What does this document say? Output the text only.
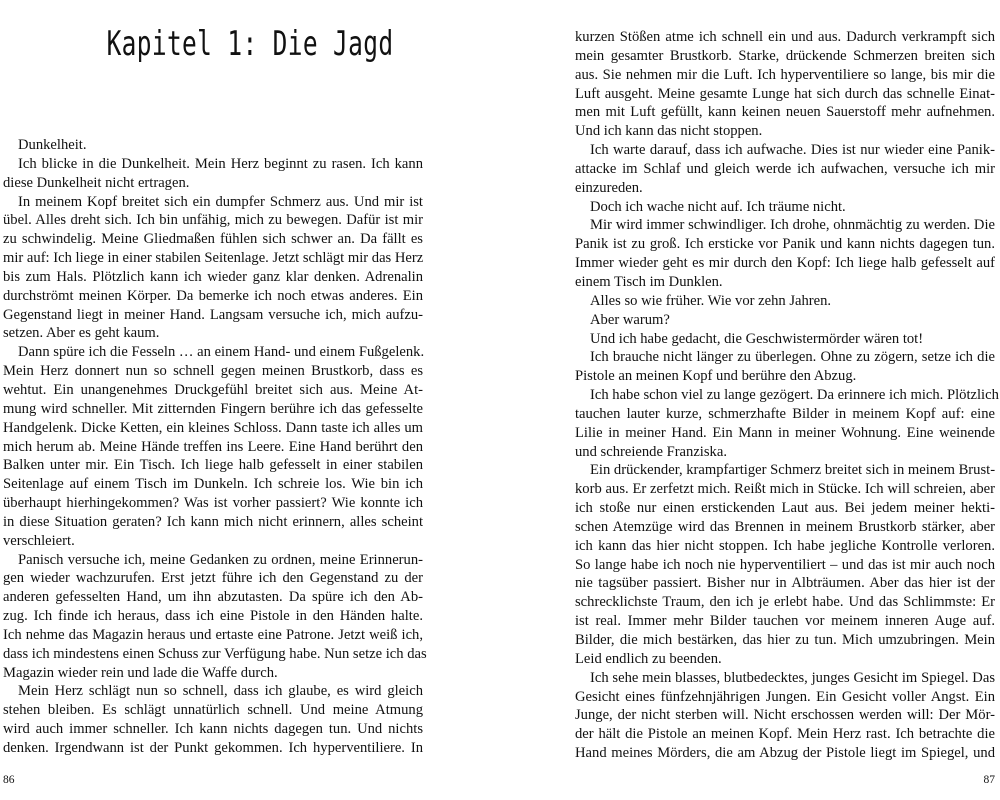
Kapitel 1: Die Jagd

Dunkelheit.

Ich blicke in die Dunkelheit. Mein Herz beginnt zu rasen. Ich kann

diese Dunkelheit nicht ertragen.

In meinem Kopf breitet sich ein dumpfer Schmerz aus. Und mir ist

übel. Alles dreht sich. Ich bin unfähig, mich zu bewegen. Dafür ist mir

zu schwindelig. Meine Gliedmaßen fühlen sich schwer an. Da fällt es

mir auf: Ich liege in einer stabilen Seitenlage. Jetzt schlägt mir das Herz

bis zum Hals. Plötzlich kann ich wieder ganz klar denken. Adrenalin

durchströmt meinen Körper. Da bemerke ich noch etwas anderes. Ein

Gegenstand liegt in meiner Hand. Langsam versuche ich, mich aufzu-

setzen. Aber es geht kaum.

Dann spüre ich die Fesseln … an einem Hand- und einem Fußgelenk.

Mein Herz donnert nun so schnell gegen meinen Brustkorb, dass es

wehtut. Ein unangenehmes Druckgefühl breitet sich aus. Meine At-

mung wird schneller. Mit zitternden Fingern berühre ich das gefesselte

Handgelenk. Dicke Ketten, ein kleines Schloss. Dann taste ich alles um

mich herum ab. Meine Hände treffen ins Leere. Eine Hand berührt den

Balken unter mir. Ein Tisch. Ich liege halb gefesselt in einer stabilen

Seitenlage auf einem Tisch im Dunkeln. Ich schreie los. Wie bin ich

überhaupt hierhingekommen? Was ist vorher passiert? Wie konnte ich

in diese Situation geraten? Ich kann mich nicht erinnern, alles scheint

verschleiert.

Panisch versuche ich, meine Gedanken zu ordnen, meine Erinnerun-

gen wieder wachzurufen. Erst jetzt führe ich den Gegenstand zu der

anderen gefesselten Hand, um ihn abzutasten. Da spüre ich den Ab-

zug. Ich finde ich heraus, dass ich eine Pistole in den Händen halte.

Ich nehme das Magazin heraus und ertaste eine Patrone. Jetzt weiß ich,

dass ich mindestens einen Schuss zur Verfügung habe. Nun setze ich das

Magazin wieder rein und lade die Waffe durch.

Mein Herz schlägt nun so schnell, dass ich glaube, es wird gleich

stehen bleiben. Es schlägt unnatürlich schnell. Und meine Atmung

wird auch immer schneller. Ich kann nichts dagegen tun. Und nichts

denken. Irgendwann ist der Punkt gekommen. Ich hyperventiliere. In

86

kurzen Stößen atme ich schnell ein und aus. Dadurch verkrampft sich

mein gesamter Brustkorb. Starke, drückende Schmerzen breiten sich

aus. Sie nehmen mir die Luft. Ich hyperventiliere so lange, bis mir die

Luft ausgeht. Meine gesamte Lunge hat sich durch das schnelle Einat-

men mit Luft gefüllt, kann keinen neuen Sauerstoff mehr aufnehmen.

Und ich kann das nicht stoppen.

Ich warte darauf, dass ich aufwache. Dies ist nur wieder eine Panik-

attacke im Schlaf und gleich werde ich aufwachen, versuche ich mir

einzureden.

Doch ich wache nicht auf. Ich träume nicht.

Mir wird immer schwindliger. Ich drohe, ohnmächtig zu werden. Die

Panik ist zu groß. Ich ersticke vor Panik und kann nichts dagegen tun.

Immer wieder geht es mir durch den Kopf: Ich liege halb gefesselt auf

einem Tisch im Dunklen.

Alles so wie früher. Wie vor zehn Jahren.

Aber warum?

Und ich habe gedacht, die Geschwistermörder wären tot!

Ich brauche nicht länger zu überlegen. Ohne zu zögern, setze ich die

Pistole an meinen Kopf und berühre den Abzug.

Ich habe schon viel zu lange gezögert. Da erinnere ich mich. Plötzlich

tauchen lauter kurze, schmerzhafte Bilder in meinem Kopf auf: eine

Lilie in meiner Hand. Ein Mann in meiner Wohnung. Eine weinende

und schreiende Franziska.

Ein drückender, krampfartiger Schmerz breitet sich in meinem Brust-

korb aus. Er zerfetzt mich. Reißt mich in Stücke. Ich will schreien, aber

ich stoße nur einen erstickenden Laut aus. Bei jedem meiner hekti-

schen Atemzüge wird das Brennen in meinem Brustkorb stärker, aber

ich kann das hier nicht stoppen. Ich habe jegliche Kontrolle verloren.

So lange habe ich noch nie hyperventiliert – und das ist mir auch noch

nie tagsüber passiert. Bisher nur in Albträumen. Aber das hier ist der

schrecklichste Traum, den ich je erlebt habe. Und das Schlimmste: Er

ist real. Immer mehr Bilder tauchen vor meinem inneren Auge auf.

Bilder, die mich bestärken, das hier zu tun. Mich umzubringen. Mein

Leid endlich zu beenden.

Ich sehe mein blasses, blutbedecktes, junges Gesicht im Spiegel. Das

Gesicht eines fünfzehnjährigen Jungen. Ein Gesicht voller Angst. Ein

Junge, der nicht sterben will. Nicht erschossen werden will: Der Mör-

der hält die Pistole an meinen Kopf. Mein Herz rast. Ich betrachte die

Hand meines Mörders, die am Abzug der Pistole liegt im Spiegel, und

87
